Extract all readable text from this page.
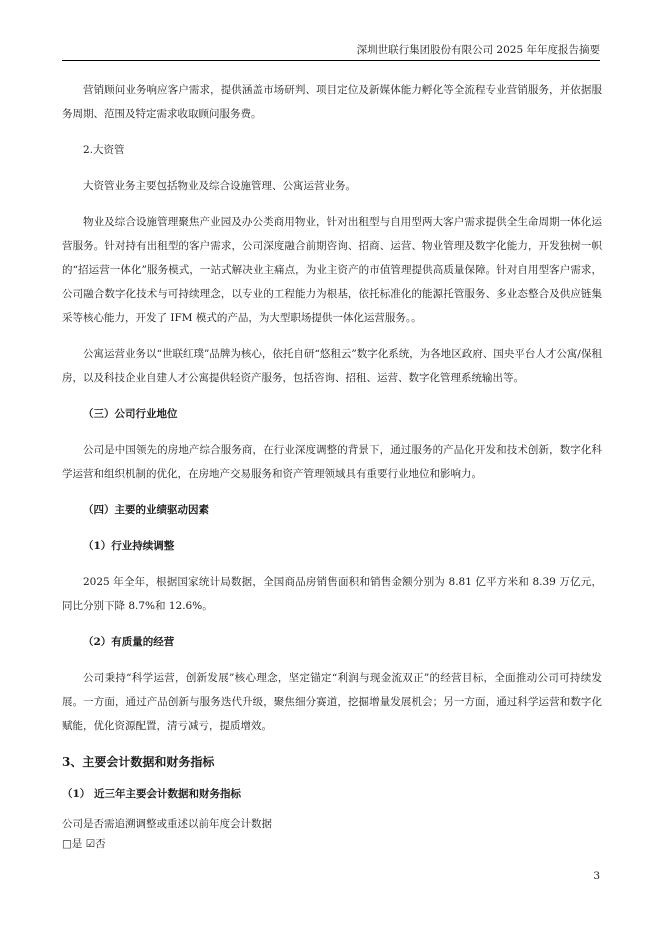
深圳世联行集团股份有限公司 2025 年年度报告摘要

营销顾问业务响应客户需求，提供涵盖市场研判、项目定位及新媒体能力孵化等全流程专业营销服务，并依据服务周期、范围及特定需求收取顾问服务费。

2.大资管

大资管业务主要包括物业及综合设施管理、公寓运营业务。

物业及综合设施管理聚焦产业园及办公类商用物业，针对出租型与自用型两大客户需求提供全生命周期一体化运营服务。针对持有出租型的客户需求，公司深度融合前期咨询、招商、运营、物业管理及数字化能力，开发独树一帜的“招运营一体化”服务模式，一站式解决业主痛点，为业主资产的市值管理提供高质量保障。针对自用型客户需求，公司融合数字化技术与可持续理念，以专业的工程能力为根基，依托标准化的能源托管服务、多业态整合及供应链集采等核心能力，开发了 IFM 模式的产品，为大型职场提供一体化运营服务。。

公寓运营业务以“世联红璞”品牌为核心，依托自研“悠租云”数字化系统，为各地区政府、国央平台人才公寓/保租房，以及科技企业自建人才公寓提供轻资产服务，包括咨询、招租、运营、数字化管理系统输出等。

（三）公司行业地位

公司是中国领先的房地产综合服务商，在行业深度调整的背景下，通过服务的产品化开发和技术创新，数字化科学运营和组织机制的优化，在房地产交易服务和资产管理领域具有重要行业地位和影响力。

（四）主要的业绩驱动因素

（1）行业持续调整

2025 年全年，根据国家统计局数据，全国商品房销售面积和销售金额分别为 8.81 亿平方米和 8.39 万亿元，同比分别下降 8.7%和 12.6%。

（2）有质量的经营

公司秉持“科学运营，创新发展”核心理念，坚定锚定“利润与现金流双正”的经营目标，全面推动公司可持续发展。一方面，通过产品创新与服务迭代升级，聚焦细分赛道，挖掘增量发展机会；另一方面，通过科学运营和数字化赋能，优化资源配置，清亏减亏，提质增效。

3、主要会计数据和财务指标

（1） 近三年主要会计数据和财务指标

公司是否需追溯调整或重述以前年度会计数据

□是 ☑否

3
